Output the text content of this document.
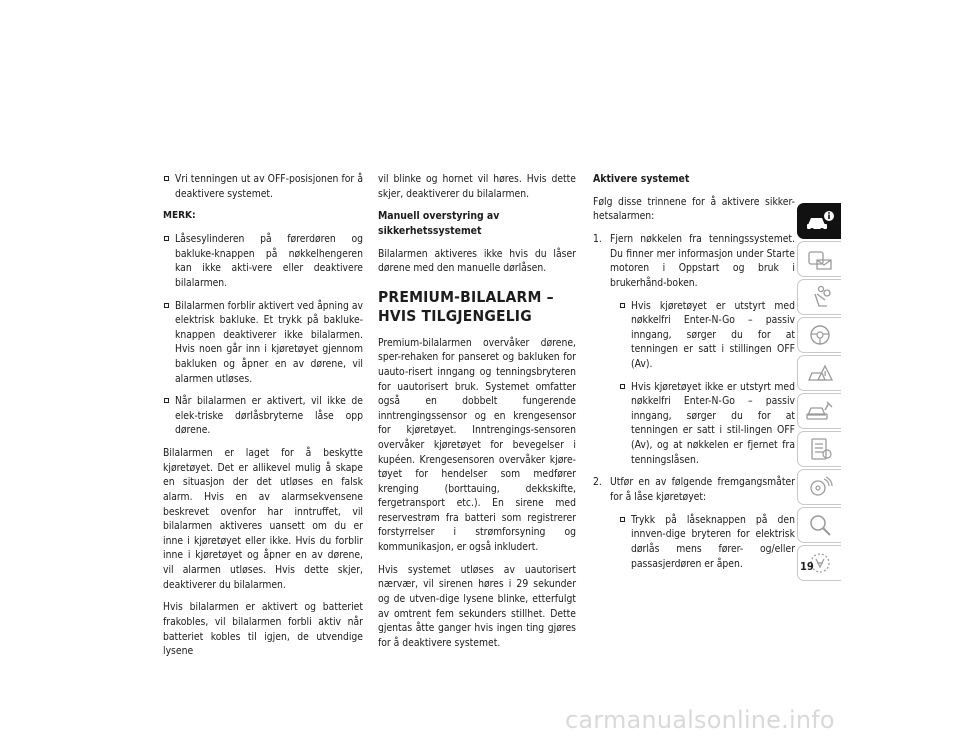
Vri tenningen ut av OFF-posisjonen for å deaktivere systemet.
MERK:
Låsesylinderen på førerdøren og bakluke-knappen på nøkkelhengeren kan ikke akti-vere eller deaktivere bilalarmen.
Bilalarmen forblir aktivert ved åpning av elektrisk bakluke. Et trykk på bakluke-knappen deaktiverer ikke bilalarmen. Hvis noen går inn i kjøretøyet gjennom bakluken og åpner en av dørene, vil alarmen utløses.
Når bilalarmen er aktivert, vil ikke de elek-triske dørlåsbryterne låse opp dørene.

Bilalarmen er laget for å beskytte kjøretøyet. Det er allikevel mulig å skape en situasjon der det utløses en falsk alarm. Hvis en av alarmsekvensene beskrevet ovenfor har inntruffet, vil bilalarmen aktiveres uansett om du er inne i kjøretøyet eller ikke. Hvis du forblir inne i kjøretøyet og åpner en av dørene, vil alarmen utløses. Hvis dette skjer, deaktiverer du bilalarmen.

Hvis bilalarmen er aktivert og batteriet frakobles, vil bilalarmen forbli aktiv når batteriet kobles til igjen, de utvendige lysene

vil blinke og hornet vil høres. Hvis dette skjer, deaktiverer du bilalarmen.

Manuell overstyring av sikkerhetssystemet

Bilalarmen aktiveres ikke hvis du låser dørene med den manuelle dørlåsen.

PREMIUM-BILALARM – HVIS TILGJENGELIG

Premium-bilalarmen overvåker dørene, sper-rehaken for panseret og bakluken for uauto-risert inngang og tenningsbryteren for uautorisert bruk. Systemet omfatter også en dobbelt fungerende inntrengingssensor og en krengesensor for kjøretøyet. Inntrengings-sensoren overvåker kjøretøyet for bevegelser i kupéen. Krengesensoren overvåker kjøre-tøyet for hendelser som medfører krenging (borttauing, dekkskifte, fergetransport etc.). En sirene med reservestrøm fra batteri som registrerer forstyrrelser i strømforsyning og kommunikasjon, er også inkludert.

Hvis systemet utløses av uautorisert nærvær, vil sirenen høres i 29 sekunder og de utven-dige lysene blinke, etterfulgt av omtrent fem sekunders stillhet. Dette gjentas åtte ganger hvis ingen ting gjøres for å deaktivere systemet.

Aktivere systemet

Følg disse trinnene for å aktivere sikker-hetsalarmen:

1. Fjern nøkkelen fra tenningssystemet. Du finner mer informasjon under Starte motoren i Oppstart og bruk i brukerhånd-boken.
Hvis kjøretøyet er utstyrt med nøkkelfri Enter-N-Go – passiv inngang, sørger du for at tenningen er satt i stillingen OFF (Av).
Hvis kjøretøyet ikke er utstyrt med nøkkelfri Enter-N-Go – passiv inngang, sørger du for at tenningen er satt i stil-lingen OFF (Av), og at nøkkelen er fjernet fra tenningslåsen.
2. Utfør en av følgende fremgangsmåter for å låse kjøretøyet:
Trykk på låseknappen på den innven-dige bryteren for elektrisk dørlås mens fører- og/eller passasjerdøren er åpen.	19
carmanualsonline.info
